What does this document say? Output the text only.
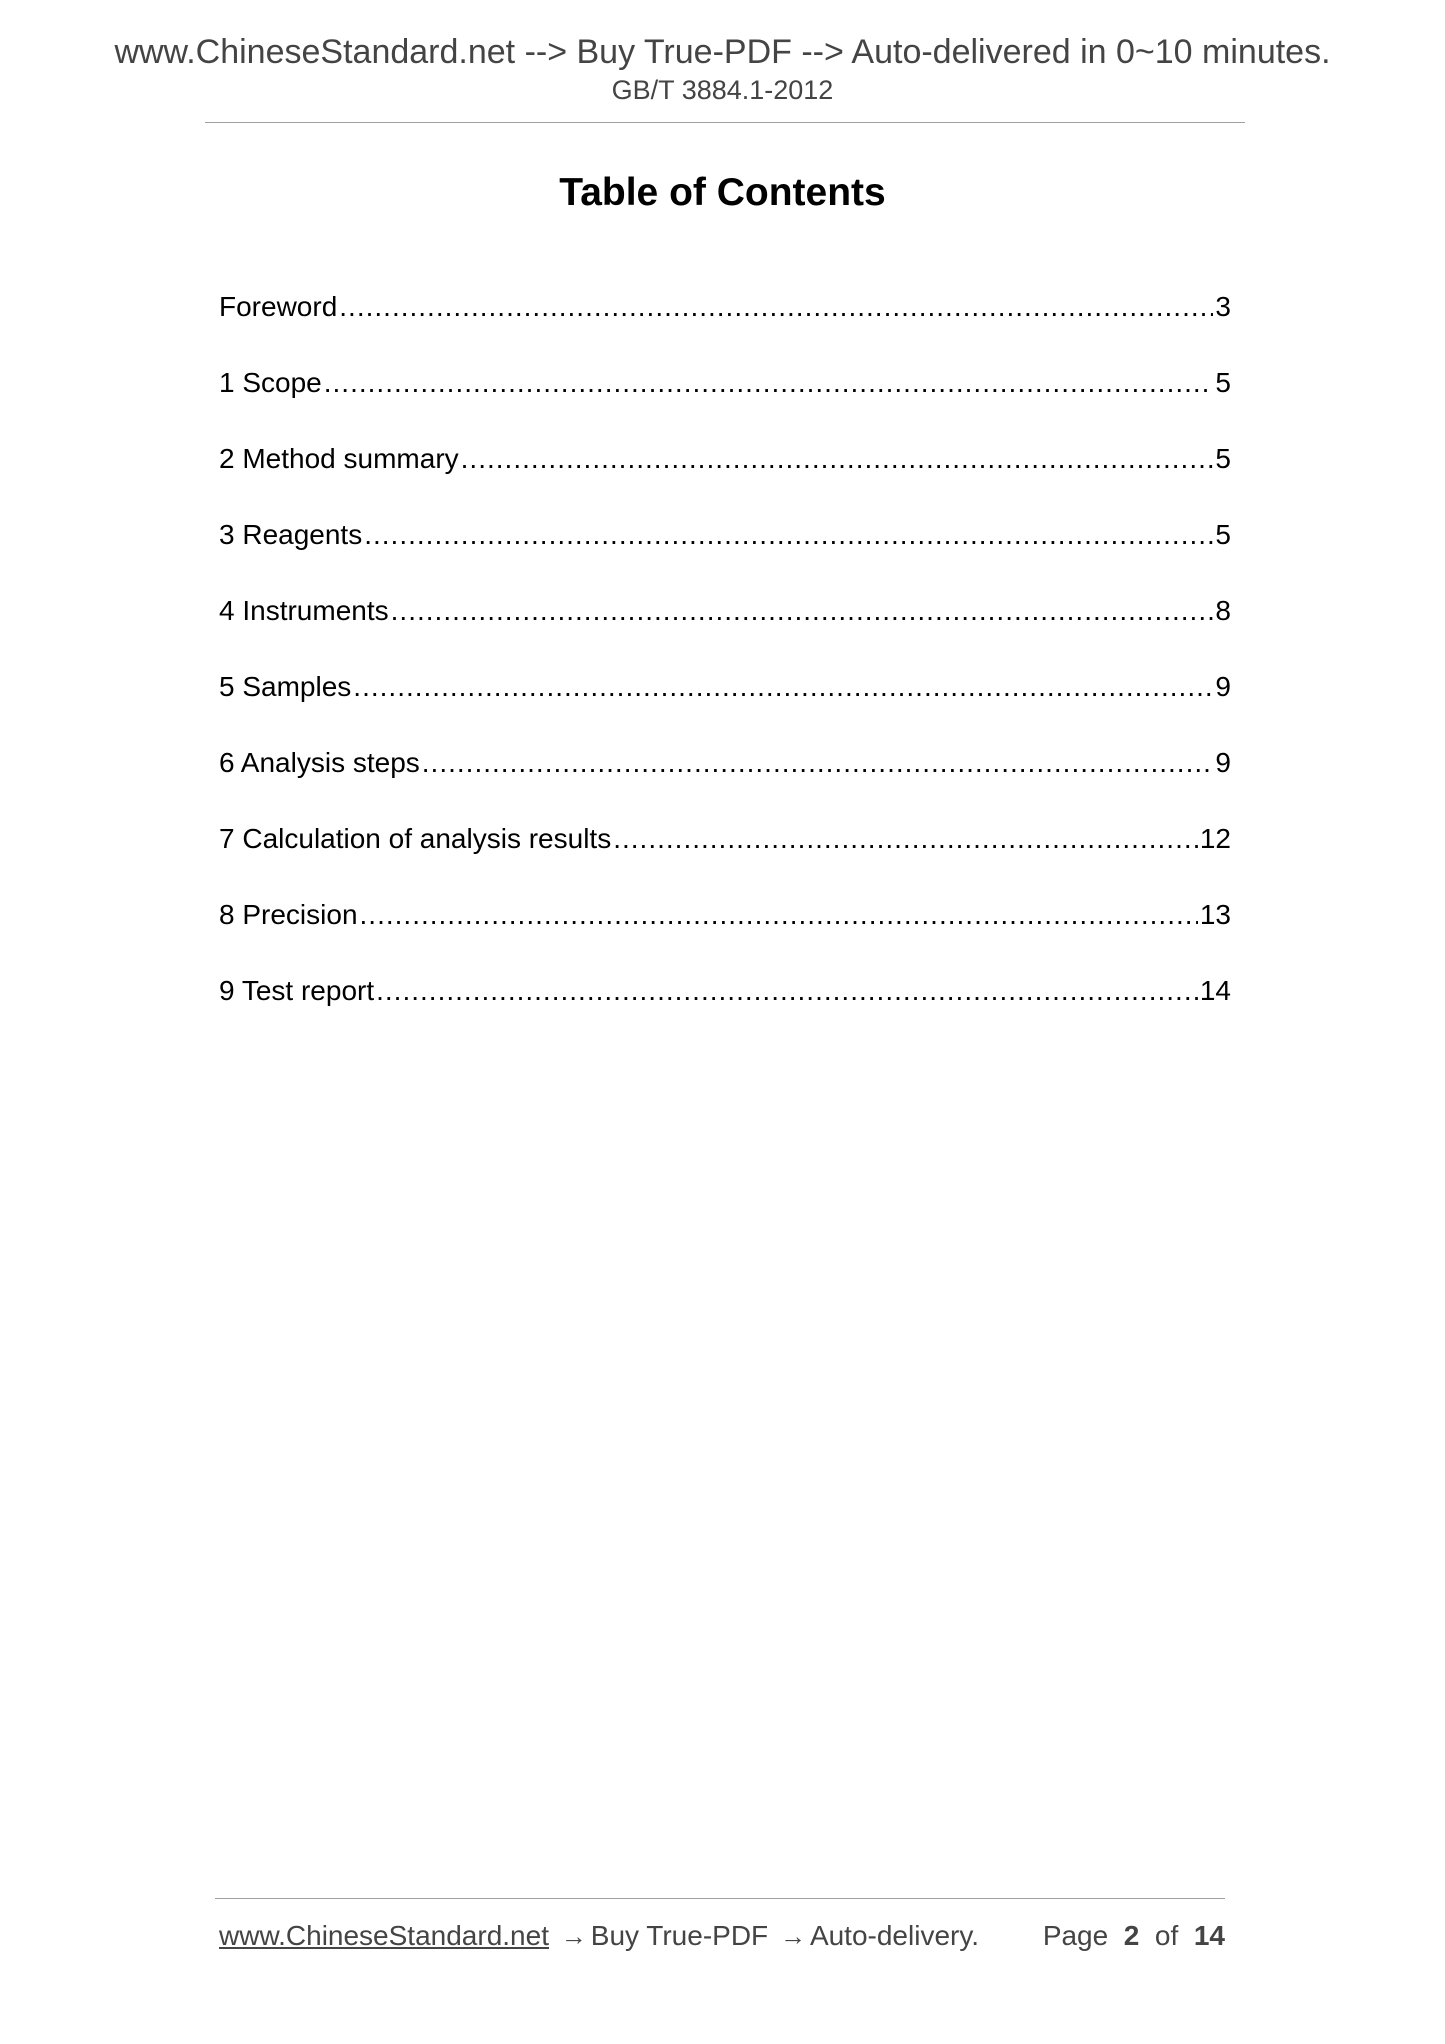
www.ChineseStandard.net --> Buy True-PDF --> Auto-delivered in 0~10 minutes.
GB/T 3884.1-2012
Table of Contents
Foreword .....	3
1 Scope .....	5
2 Method summary .....	5
3 Reagents .....	5
4 Instruments .....	8
5 Samples .....	9
6 Analysis steps .....	9
7 Calculation of analysis results .....	12
8 Precision .....	13
9 Test report .....	14
www.ChineseStandard.net → Buy True-PDF → Auto-delivery. Page 2 of 14
